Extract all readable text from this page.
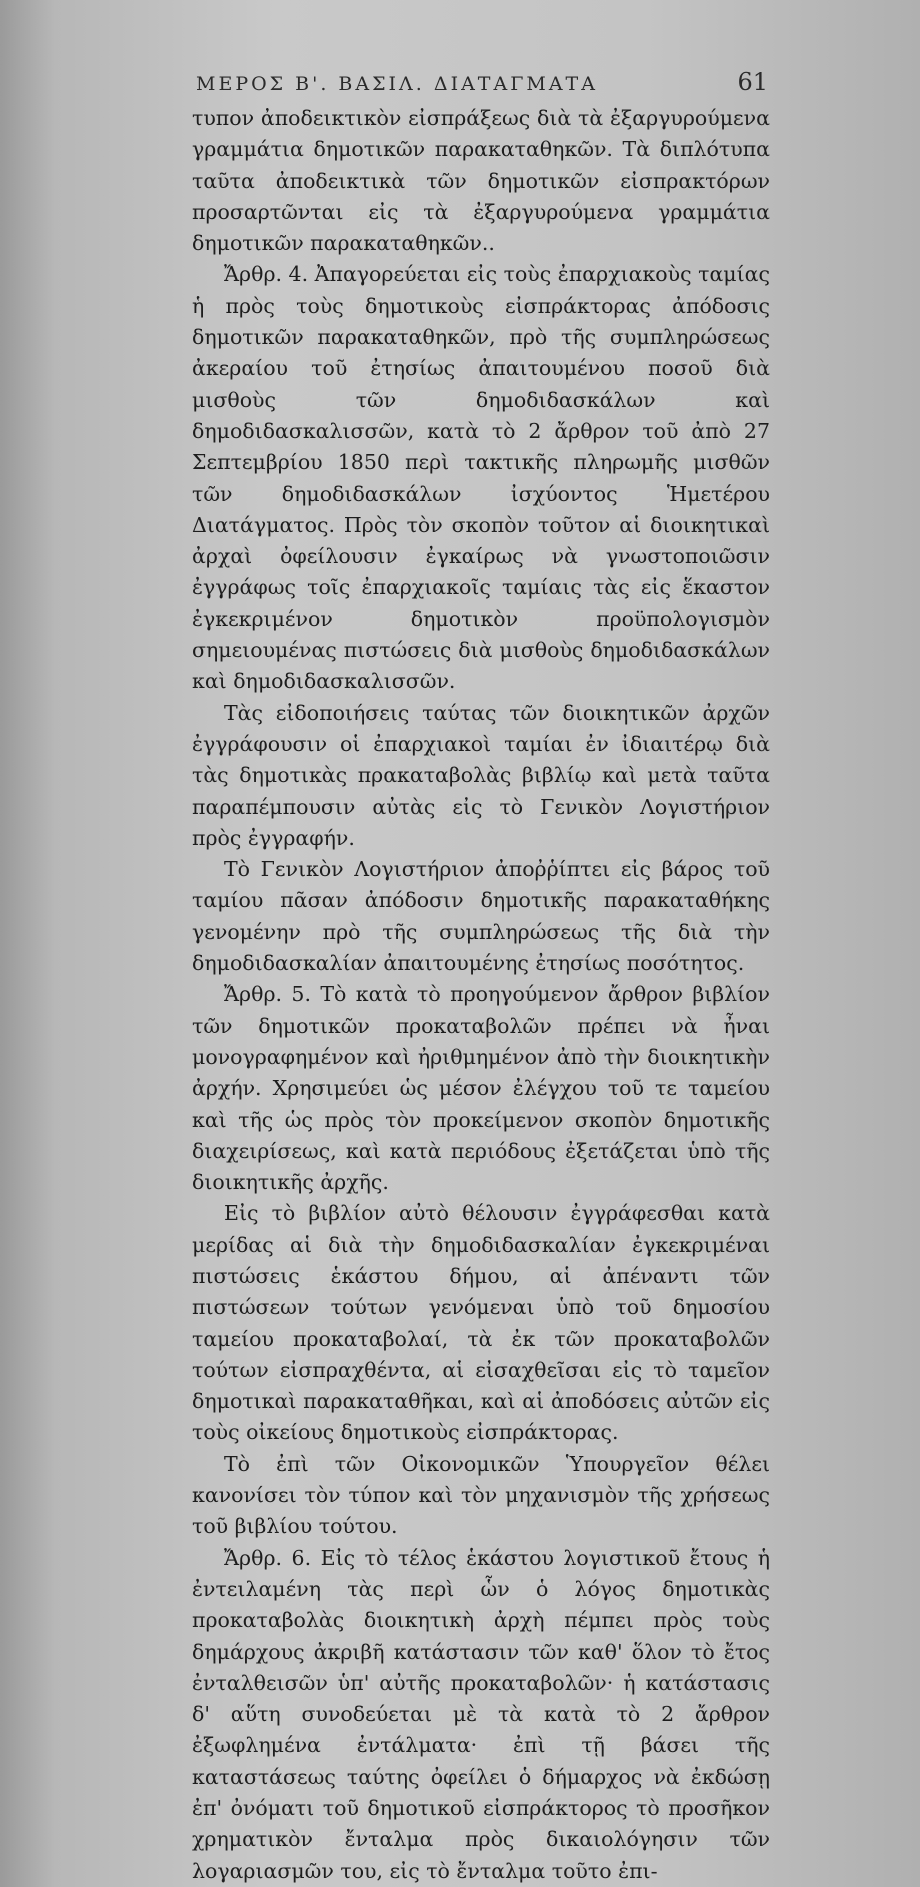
ΜΕΡΟΣ Β'. ΒΑΣΙΛ. ΔΙΑΤΑΓΜΑΤΑ	61

τυπον ἀποδεικτικὸν εἰσπράξεως διὰ τὰ ἐξαργυρούμενα γραμμάτια δημοτικῶν παρακαταθηκῶν. Τὰ διπλότυπα ταῦτα ἀποδεικτικὰ τῶν δημοτικῶν εἰσπρακτόρων προσαρτῶνται εἰς τὰ ἐξαργυρούμενα γραμμάτια δημοτικῶν παρακαταθηκῶν..

Ἄρθρ. 4. Ἀπαγορεύεται εἰς τοὺς ἐπαρχιακοὺς ταμίας ἡ πρὸς τοὺς δημοτικοὺς εἰσπράκτορας ἀπόδοσις δημοτικῶν παρακαταθηκῶν, πρὸ τῆς συμπληρώσεως ἀκεραίου τοῦ ἐτησίως ἀπαιτουμένου ποσοῦ διὰ μισθοὺς τῶν δημοδιδασκάλων καὶ δημοδιδασκαλισσῶν, κατὰ τὸ 2 ἄρθρον τοῦ ἀπὸ 27 Σεπτεμβρίου 1850 περὶ τακτικῆς πληρωμῆς μισθῶν τῶν δημοδιδασκάλων ἰσχύοντος Ἡμετέρου Διατάγματος. Πρὸς τὸν σκοπὸν τοῦτον αἱ διοικητικαὶ ἀρχαὶ ὀφείλουσιν ἐγκαίρως νὰ γνωστοποιῶσιν ἐγγράφως τοῖς ἐπαρχιακοῖς ταμίαις τὰς εἰς ἕκαστον ἐγκεκριμένον δημοτικὸν προϋπολογισμὸν σημειουμένας πιστώσεις διὰ μισθοὺς δημοδιδασκάλων καὶ δημοδιδασκαλισσῶν.

Τὰς εἰδοποιήσεις ταύτας τῶν διοικητικῶν ἀρχῶν ἐγγράφουσιν οἱ ἐπαρχιακοὶ ταμίαι ἐν ἰδιαιτέρῳ διὰ τὰς δημοτικὰς πρακαταβολὰς βιβλίῳ καὶ μετὰ ταῦτα παραπέμπουσιν αὐτὰς εἰς τὸ Γενικὸν Λογιστήριον πρὸς ἐγγραφήν.

Τὸ Γενικὸν Λογιστήριον ἀποῤῥίπτει εἰς βάρος τοῦ ταμίου πᾶσαν ἀπόδοσιν δημοτικῆς παρακαταθήκης γενομένην πρὸ τῆς συμπληρώσεως τῆς διὰ τὴν δημοδιδασκαλίαν ἀπαιτουμένης ἐτησίως ποσότητος.

Ἄρθρ. 5. Τὸ κατὰ τὸ προηγούμενον ἄρθρον βιβλίον τῶν δημοτικῶν προκαταβολῶν πρέπει νὰ ἦναι μονογραφημένον καὶ ἠριθμημένον ἀπὸ τὴν διοικητικὴν ἀρχήν. Χρησιμεύει ὡς μέσον ἐλέγχου τοῦ τε ταμείου καὶ τῆς ὡς πρὸς τὸν προκείμενον σκοπὸν δημοτικῆς διαχειρίσεως, καὶ κατὰ περιόδους ἐξετάζεται ὑπὸ τῆς διοικητικῆς ἀρχῆς.

Εἰς τὸ βιβλίον αὐτὸ θέλουσιν ἐγγράφεσθαι κατὰ μερίδας αἱ διὰ τὴν δημοδιδασκαλίαν ἐγκεκριμέναι πιστώσεις ἑκάστου δήμου, αἱ ἀπέναντι τῶν πιστώσεων τούτων γενόμεναι ὑπὸ τοῦ δημοσίου ταμείου προκαταβολαί, τὰ ἐκ τῶν προκαταβολῶν τούτων εἰσπραχθέντα, αἱ εἰσαχθεῖσαι εἰς τὸ ταμεῖον δημοτικαὶ παρακαταθῆκαι, καὶ αἱ ἀποδόσεις αὐτῶν εἰς τοὺς οἰκείους δημοτικοὺς εἰσπράκτορας.

Τὸ ἐπὶ τῶν Οἰκονομικῶν Ὑπουργεῖον θέλει κανονίσει τὸν τύπον καὶ τὸν μηχανισμὸν τῆς χρήσεως τοῦ βιβλίου τούτου.

Ἄρθρ. 6. Εἰς τὸ τέλος ἑκάστου λογιστικοῦ ἔτους ἡ ἐντειλαμένη τὰς περὶ ὧν ὁ λόγος δημοτικὰς προκαταβολὰς διοικητικὴ ἀρχὴ πέμπει πρὸς τοὺς δημάρχους ἀκριβῆ κατάστασιν τῶν καθ' ὅλον τὸ ἔτος ἐνταλθεισῶν ὑπ' αὐτῆς προκαταβολῶν· ἡ κατάστασις δ' αὕτη συνοδεύεται μὲ τὰ κατὰ τὸ 2 ἄρθρον ἐξωφλημένα ἐντάλματα· ἐπὶ τῇ βάσει τῆς καταστάσεως ταύτης ὀφείλει ὁ δήμαρχος νὰ ἐκδώσῃ ἐπ' ὀνόματι τοῦ δημοτικοῦ εἰσπράκτορος τὸ προσῆκον χρηματικὸν ἔνταλμα πρὸς δικαιολόγησιν τῶν λογαριασμῶν του, εἰς τὸ ἔνταλμα τοῦτο ἐπι-
